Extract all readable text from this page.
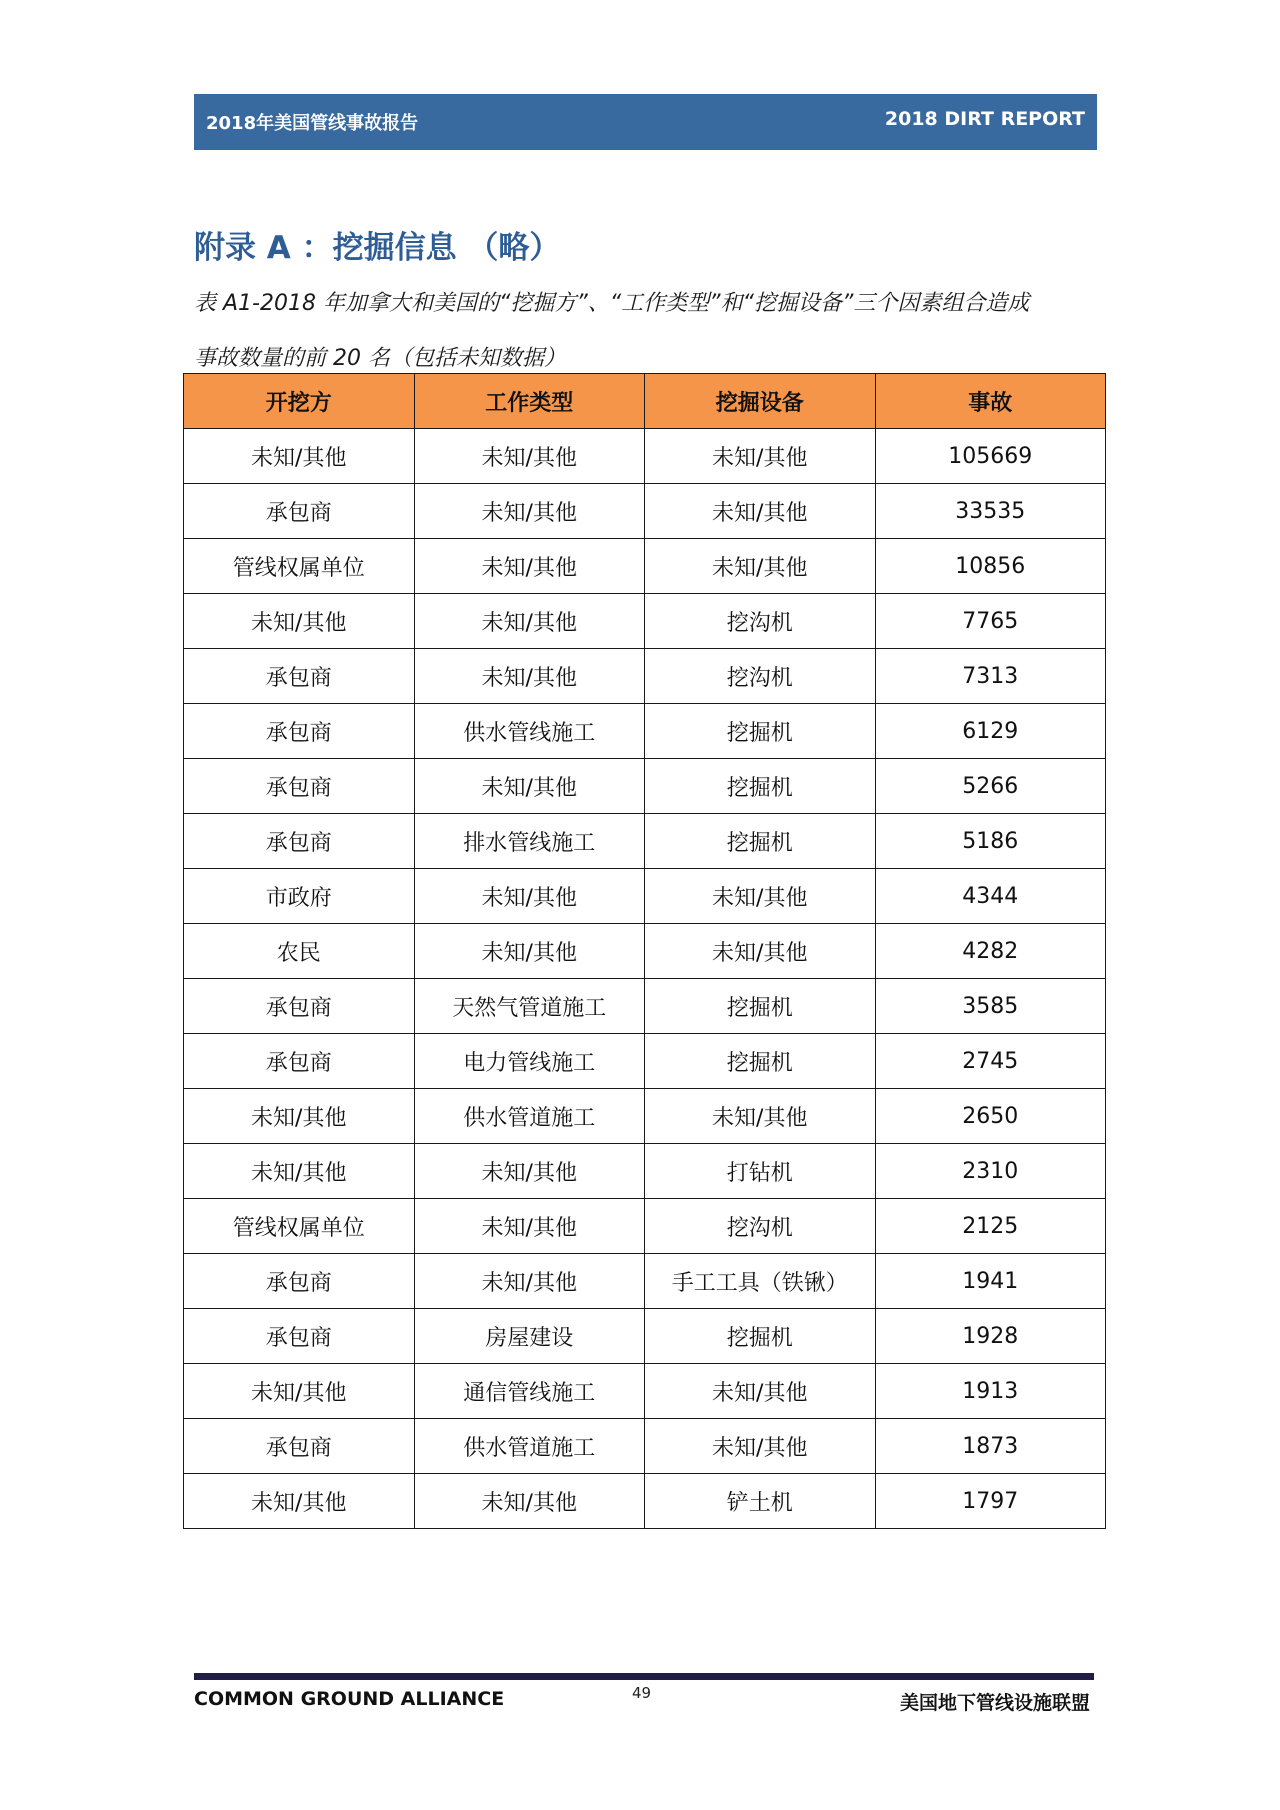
2018年美国管线事故报告	2018 DIRT REPORT
附录 A ：挖掘信息 （略）
表 A1-2018 年加拿大和美国的“挖掘方”、“工作类型”和“挖掘设备”三个因素组合造成
事故数量的前 20 名（包括未知数据）
开挖方	工作类型	挖掘设备	事故
未知/其他	未知/其他	未知/其他	105669
承包商	未知/其他	未知/其他	33535
管线权属单位	未知/其他	未知/其他	10856
未知/其他	未知/其他	挖沟机	7765
承包商	未知/其他	挖沟机	7313
承包商	供水管线施工	挖掘机	6129
承包商	未知/其他	挖掘机	5266
承包商	排水管线施工	挖掘机	5186
市政府	未知/其他	未知/其他	4344
农民	未知/其他	未知/其他	4282
承包商	天然气管道施工	挖掘机	3585
承包商	电力管线施工	挖掘机	2745
未知/其他	供水管道施工	未知/其他	2650
未知/其他	未知/其他	打钻机	2310
管线权属单位	未知/其他	挖沟机	2125
承包商	未知/其他	手工工具（铁锹）	1941
承包商	房屋建设	挖掘机	1928
未知/其他	通信管线施工	未知/其他	1913
承包商	供水管道施工	未知/其他	1873
未知/其他	未知/其他	铲土机	1797
COMMON GROUND ALLIANCE	49	美国地下管线设施联盟
